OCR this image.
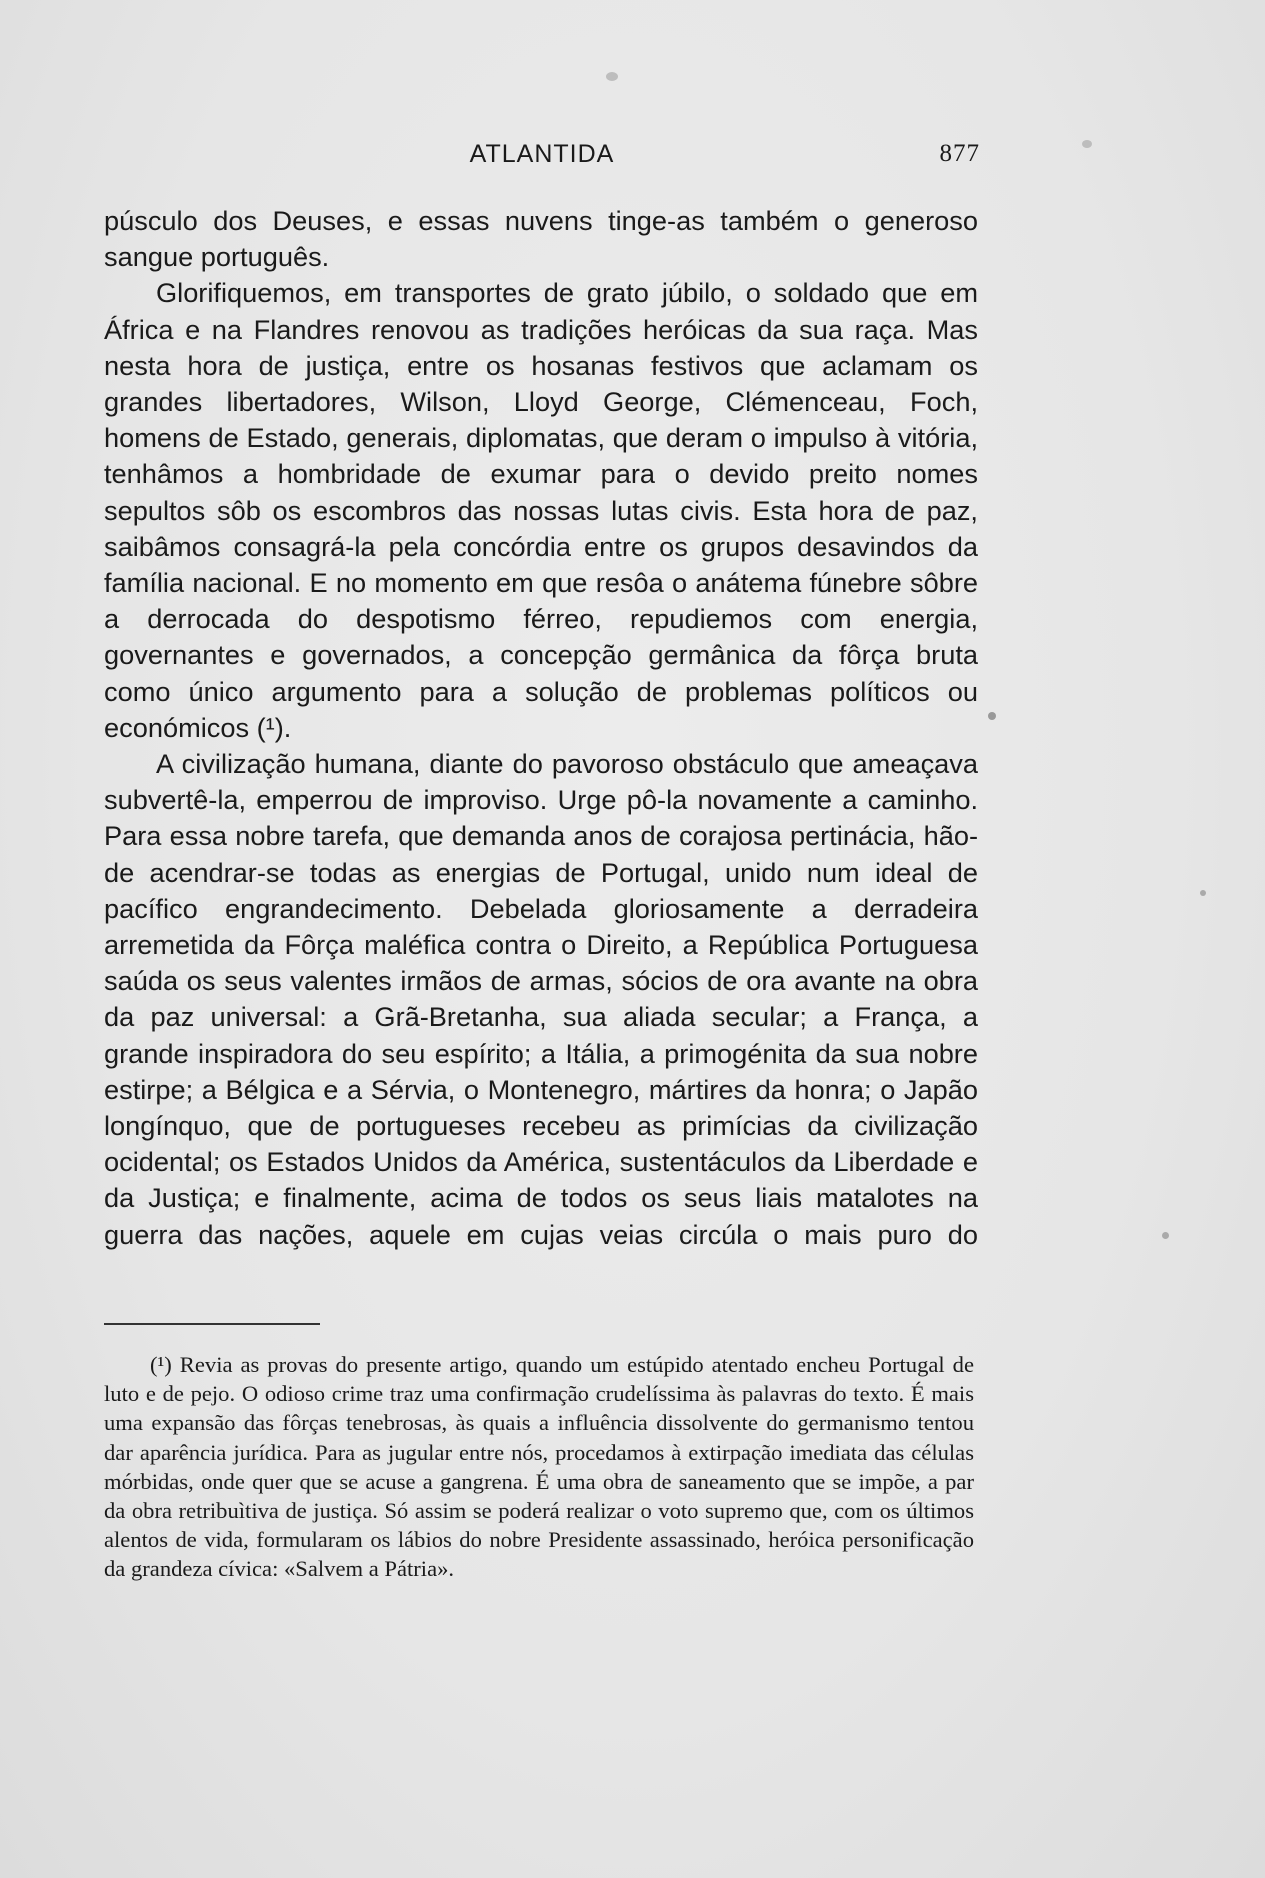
ATLANTIDA	877

púsculo dos Deuses, e essas nuvens tinge-as também o generoso sangue português.

Glorifiquemos, em transportes de grato júbilo, o soldado que em África e na Flandres renovou as tradições heróicas da sua raça. Mas nesta hora de justiça, entre os hosanas festivos que aclamam os grandes libertadores, Wilson, Lloyd George, Clémenceau, Foch, homens de Estado, generais, diplomatas, que deram o impulso à vitória, tenhâmos a hombridade de exumar para o devido preito nomes sepultos sôb os escombros das nossas lutas civis. Esta hora de paz, saibâmos consagrá-la pela concórdia entre os grupos desavindos da família nacional. E no momento em que resôa o anátema fúnebre sôbre a derrocada do despotismo férreo, repudiemos com energia, governantes e governados, a concepção germânica da fôrça bruta como único argumento para a solução de problemas políticos ou económicos (¹).

A civilização humana, diante do pavoroso obstáculo que ameaçava subvertê-la, emperrou de improviso. Urge pô-la novamente a caminho. Para essa nobre tarefa, que demanda anos de corajosa pertinácia, hão-de acendrar-se todas as energias de Portugal, unido num ideal de pacífico engrandecimento. Debelada gloriosamente a derradeira arremetida da Fôrça maléfica contra o Direito, a República Portuguesa saúda os seus valentes irmãos de armas, sócios de ora avante na obra da paz universal: a Grã-Bretanha, sua aliada secular; a França, a grande inspiradora do seu espírito; a Itália, a primogénita da sua nobre estirpe; a Bélgica e a Sérvia, o Montenegro, mártires da honra; o Japão longínquo, que de portugueses recebeu as primícias da civilização ocidental; os Estados Unidos da América, sustentáculos da Liberdade e da Justiça; e finalmente, acima de todos os seus liais matalotes na guerra das nações, aquele em cujas veias circúla o mais puro do

(¹) Revia as provas do presente artigo, quando um estúpido atentado encheu Portugal de luto e de pejo. O odioso crime traz uma confirmação crudelíssima às palavras do texto. É mais uma expansão das fôrças tenebrosas, às quais a influência dissolvente do germanismo tentou dar aparência jurídica. Para as jugular entre nós, procedamos à extirpação imediata das células mórbidas, onde quer que se acuse a gangrena. É uma obra de saneamento que se impõe, a par da obra retribuìtiva de justiça. Só assim se poderá realizar o voto supremo que, com os últimos alentos de vida, formularam os lábios do nobre Presidente assassinado, heróica personificação da grandeza cívica: «Salvem a Pátria».
